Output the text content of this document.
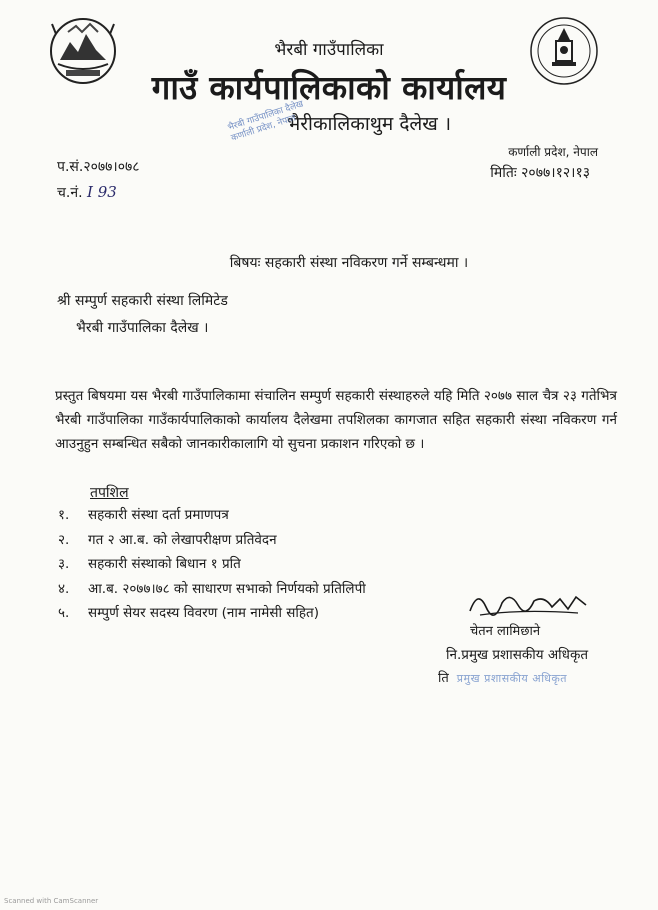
भैरबी गाउँपालिका
गाउँ कार्यपालिकाको कार्यालय
भैरीकालिकाथुम दैलेख ।
भैरबी गाउँपालिका दैलेख कर्णाली प्रदेश, नेपाल
कर्णाली प्रदेश, नेपाल
प.सं.२०७७।०७८	मितिः २०७७।१२।१३
च.नं. I 93
बिषयः सहकारी संस्था नविकरण गर्ने सम्बन्धमा ।
श्री सम्पुर्ण सहकारी संस्था लिमिटेड
भैरबी गाउँपालिका दैलेख ।
प्रस्तुत बिषयमा यस भैरबी गाउँपालिकामा संचालिन सम्पुर्ण सहकारी संस्थाहरुले यहि मिति २०७७ साल चैत्र २३ गतेभित्र भैरबी गाउँपालिका गाउँकार्यपालिकाको कार्यालय दैलेखमा तपशिलका कागजात सहित सहकारी संस्था नविकरण गर्न आउनुहुन सम्बन्धित सबैको जानकारीकालागि यो सुचना प्रकाशन गरिएको छ ।
तपशिल
१. सहकारी संस्था दर्ता प्रमाणपत्र
२. गत २ आ.ब. को लेखापरीक्षण प्रतिवेदन
३. सहकारी संस्थाको बिधान १ प्रति
४. आ.ब. २०७७।७८ को साधारण सभाको निर्णयको प्रतिलिपी
५. सम्पुर्ण सेयर सदस्य विवरण (नाम नामेसी सहित)
चेतन लामिछाने
नि.प्रमुख प्रशासकीय अधिकृत
ति प्रमुख प्रशासकीय अधिकृत
Scanned with CamScanner
